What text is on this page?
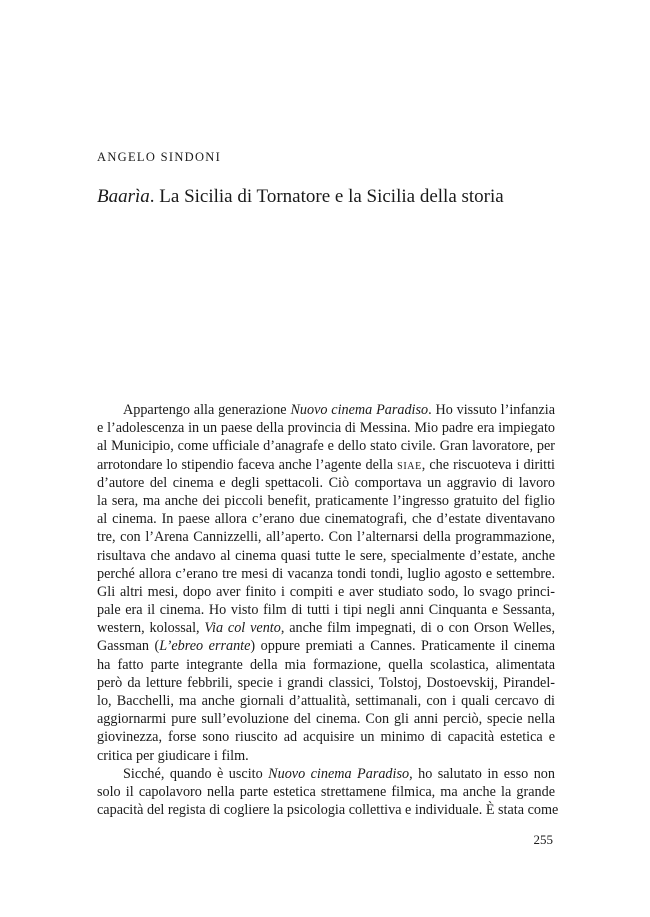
ANGELO SINDONI
Baarìa. La Sicilia di Tornatore e la Sicilia della storia
Appartengo alla generazione Nuovo cinema Paradiso. Ho vissuto l’infanzia
e l’adolescenza in un paese della provincia di Messina. Mio padre era impiegato
al Municipio, come ufficiale d’anagrafe e dello stato civile. Gran lavoratore, per
arrotondare lo stipendio faceva anche l’agente della SIAE, che riscuoteva i diritti
d’autore del cinema e degli spettacoli. Ciò comportava un aggravio di lavoro
la sera, ma anche dei piccoli benefit, praticamente l’ingresso gratuito del figlio
al cinema. In paese allora c’erano due cinematografi, che d’estate diventavano
tre, con l’Arena Cannizzelli, all’aperto. Con l’alternarsi della programmazione,
risultava che andavo al cinema quasi tutte le sere, specialmente d’estate, anche
perché allora c’erano tre mesi di vacanza tondi tondi, luglio agosto e settembre.
Gli altri mesi, dopo aver finito i compiti e aver studiato sodo, lo svago princi-
pale era il cinema. Ho visto film di tutti i tipi negli anni Cinquanta e Sessanta,
western, kolossal, Via col vento, anche film impegnati, di o con Orson Welles,
Gassman (L’ebreo errante) oppure premiati a Cannes. Praticamente il cinema
ha fatto parte integrante della mia formazione, quella scolastica, alimentata
però da letture febbrili, specie i grandi classici, Tolstoj, Dostoevskij, Pirandel-
lo, Bacchelli, ma anche giornali d’attualità, settimanali, con i quali cercavo di
aggiornarmi pure sull’evoluzione del cinema. Con gli anni perciò, specie nella
giovinezza, forse sono riuscito ad acquisire un minimo di capacità estetica e
critica per giudicare i film.
Sicché, quando è uscito Nuovo cinema Paradiso, ho salutato in esso non
solo il capolavoro nella parte estetica strettamene filmica, ma anche la grande
capacità del regista di cogliere la psicologia collettiva e individuale. È stata come
255
